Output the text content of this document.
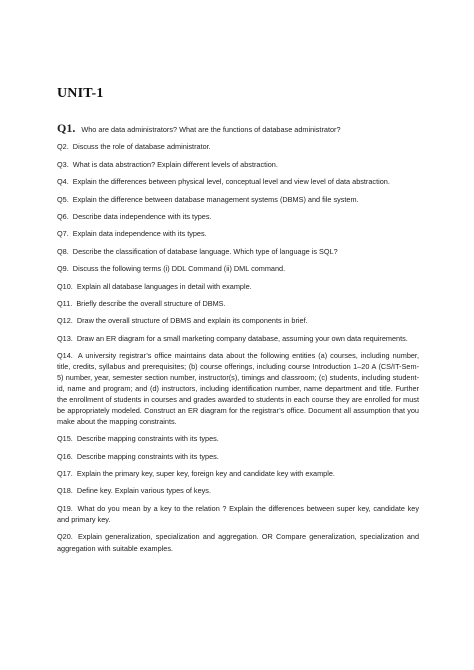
UNIT-1

Q1. Who are data administrators? What are the functions of database administrator?

Q2. Discuss the role of database administrator.

Q3. What is data abstraction? Explain different levels of abstraction.

Q4. Explain the differences between physical level, conceptual level and view level of data abstraction.

Q5. Explain the difference between database management systems (DBMS) and file system.

Q6. Describe data independence with its types.

Q7. Explain data independence with its types.

Q8. Describe the classification of database language. Which type of language is SQL?

Q9. Discuss the following terms (i) DDL Command (ii) DML command.

Q10. Explain all database languages in detail with example.

Q11. Briefly describe the overall structure of DBMS.

Q12. Draw the overall structure of DBMS and explain its components in brief.

Q13. Draw an ER diagram for a small marketing company database, assuming your own data requirements.

Q14. A university registrar’s office maintains data about the following entities (a) courses, including number, title, credits, syllabus and prerequisites; (b) course offerings, including course Introduction 1–20 A (CS/IT-Sem-5) number, year, semester section number, instructor(s), timings and classroom; (c) students, including student-id, name and program; and (d) instructors, including identification number, name department and title. Further the enrollment of students in courses and grades awarded to students in each course they are enrolled for must be appropriately modeled. Construct an ER diagram for the registrar’s office. Document all assumption that you make about the mapping constraints.

Q15. Describe mapping constraints with its types.

Q16. Describe mapping constraints with its types.

Q17. Explain the primary key, super key, foreign key and candidate key with example.

Q18. Define key. Explain various types of keys.

Q19. What do you mean by a key to the relation ? Explain the differences between super key, candidate key and primary key.

Q20. Explain generalization, specialization and aggregation. OR Compare generalization, specialization and aggregation with suitable examples.
